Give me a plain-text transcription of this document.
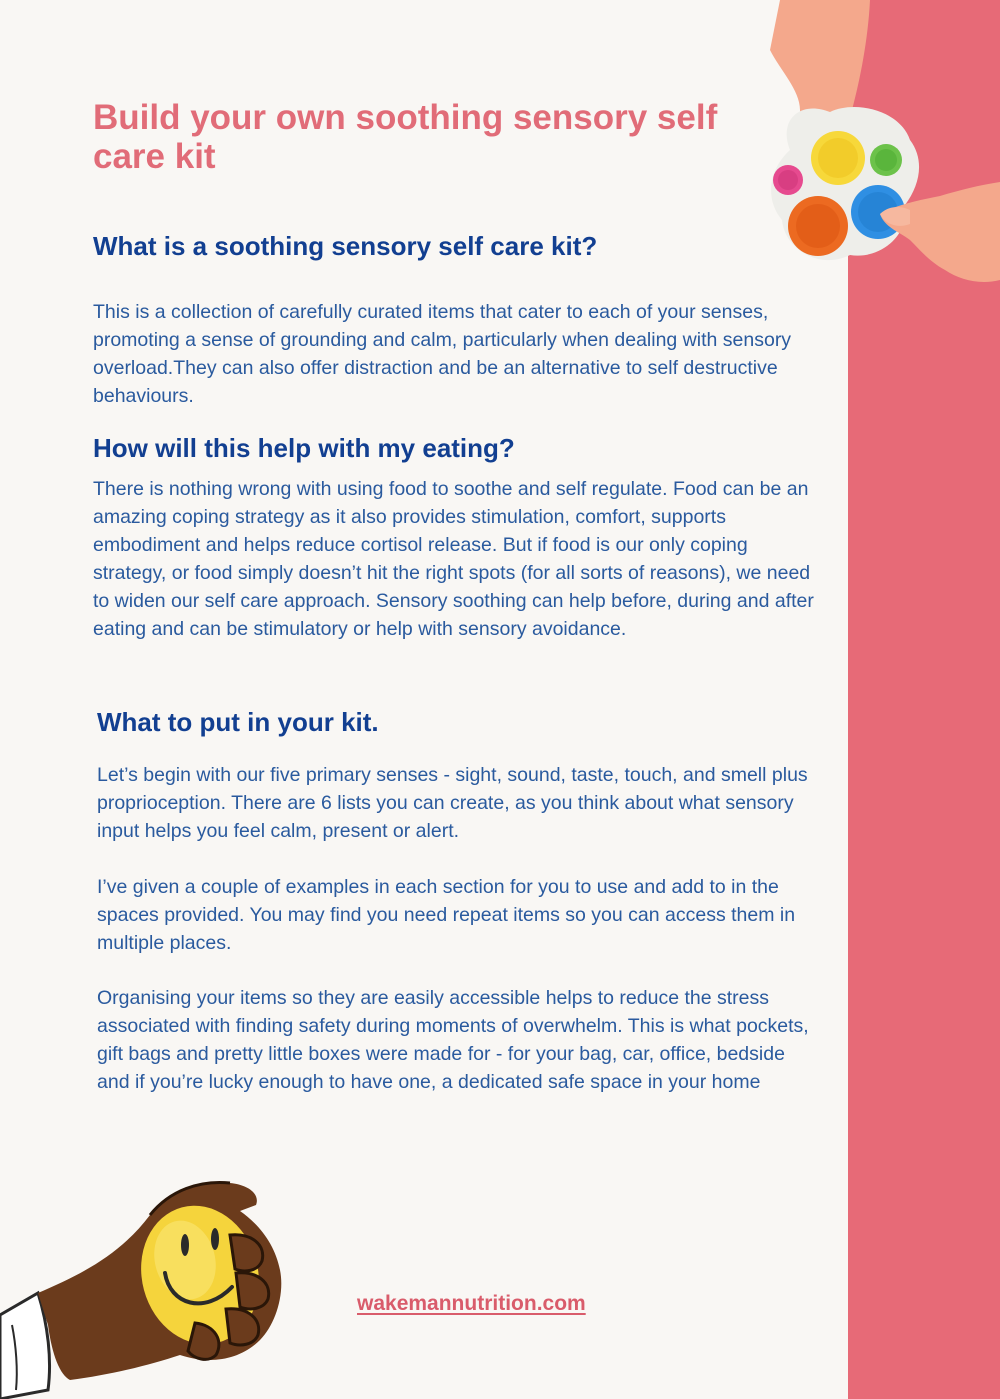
Build your own soothing sensory self care kit
What is a soothing sensory self care kit?

This is a collection of carefully curated items that cater to each of your senses, promoting a sense of grounding and calm, particularly when dealing with sensory overload.They can also offer distraction and be an alternative to self destructive behaviours.

How will this help with my eating?

There is nothing wrong with using food to soothe and self regulate. Food can be an amazing coping strategy as it also provides stimulation, comfort, supports embodiment and helps reduce cortisol release. But if food is our only coping strategy, or food simply doesn’t hit the right spots (for all sorts of reasons), we need to widen our self care approach. Sensory soothing can help before, during and after eating and can be stimulatory or help with sensory avoidance.

What to put in your kit.

Let’s begin with our five primary senses - sight, sound, taste, touch, and smell plus proprioception. There are 6 lists you can create, as you think about what sensory input helps you feel calm, present or alert.

I’ve given a couple of examples in each section for you to use and add to in the spaces provided. You may find you need repeat items so you can access them in multiple places.

Organising your items so they are easily accessible helps to reduce the stress associated with finding safety during moments of overwhelm. This is what pockets, gift bags and pretty little boxes were made for - for your bag, car, office, bedside and if you’re lucky enough to have one, a dedicated safe space in your home

wakemannutrition.com
